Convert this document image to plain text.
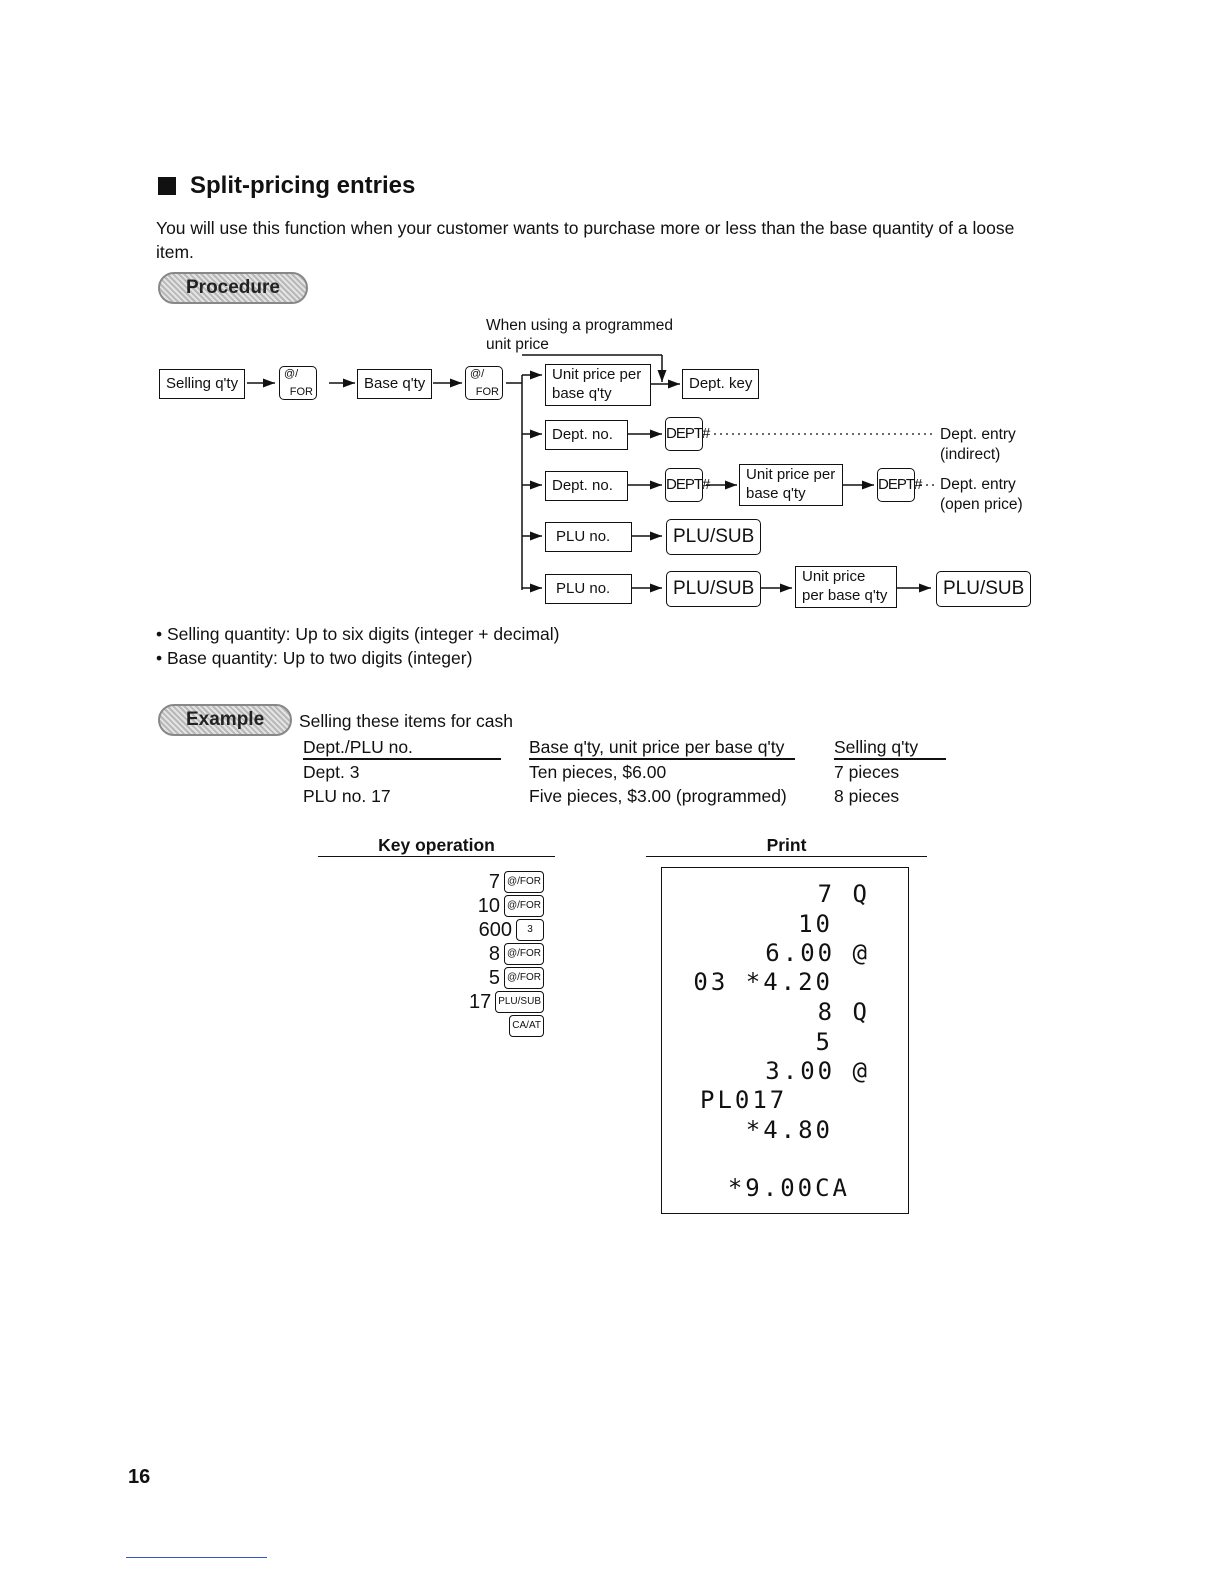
Split-pricing entries
You will use this function when your customer wants to purchase more or less than the base quantity of a loose item.
Procedure
When using a programmed unit price
Selling q'ty
@/
FOR	Base q'ty
@/
FOR
Unit price per base q'ty
Dept. key
Dept. no.	DEPT#	Dept. entry (indirect)
Dept. no.	DEPT#
Unit price per base q'ty
DEPT# Dept. entry (open price)
PLU no.	PLU/SUB
PLU no.	PLU/SUB
Unit price per base q'ty	PLU/SUB
• Selling quantity: Up to six digits (integer + decimal)
• Base quantity: Up to two digits (integer)
Example	Selling these items for cash
Dept./PLU no.	Base q'ty, unit price per base q'ty	Selling q'ty
Dept. 3	Ten pieces, $6.00	7 pieces
PLU no. 17	Five pieces, $3.00 (programmed)	8 pieces
Key operation	Print
7 @/FOR
10 @/FOR
600	3
8 @/FOR
5 @/FOR
17 PLU/SUB
CA/AT
7 Q
10
6.00 @
03 *4.20
8 Q
5
3.00 @
PL017
*4.80
*9.00CA
16
